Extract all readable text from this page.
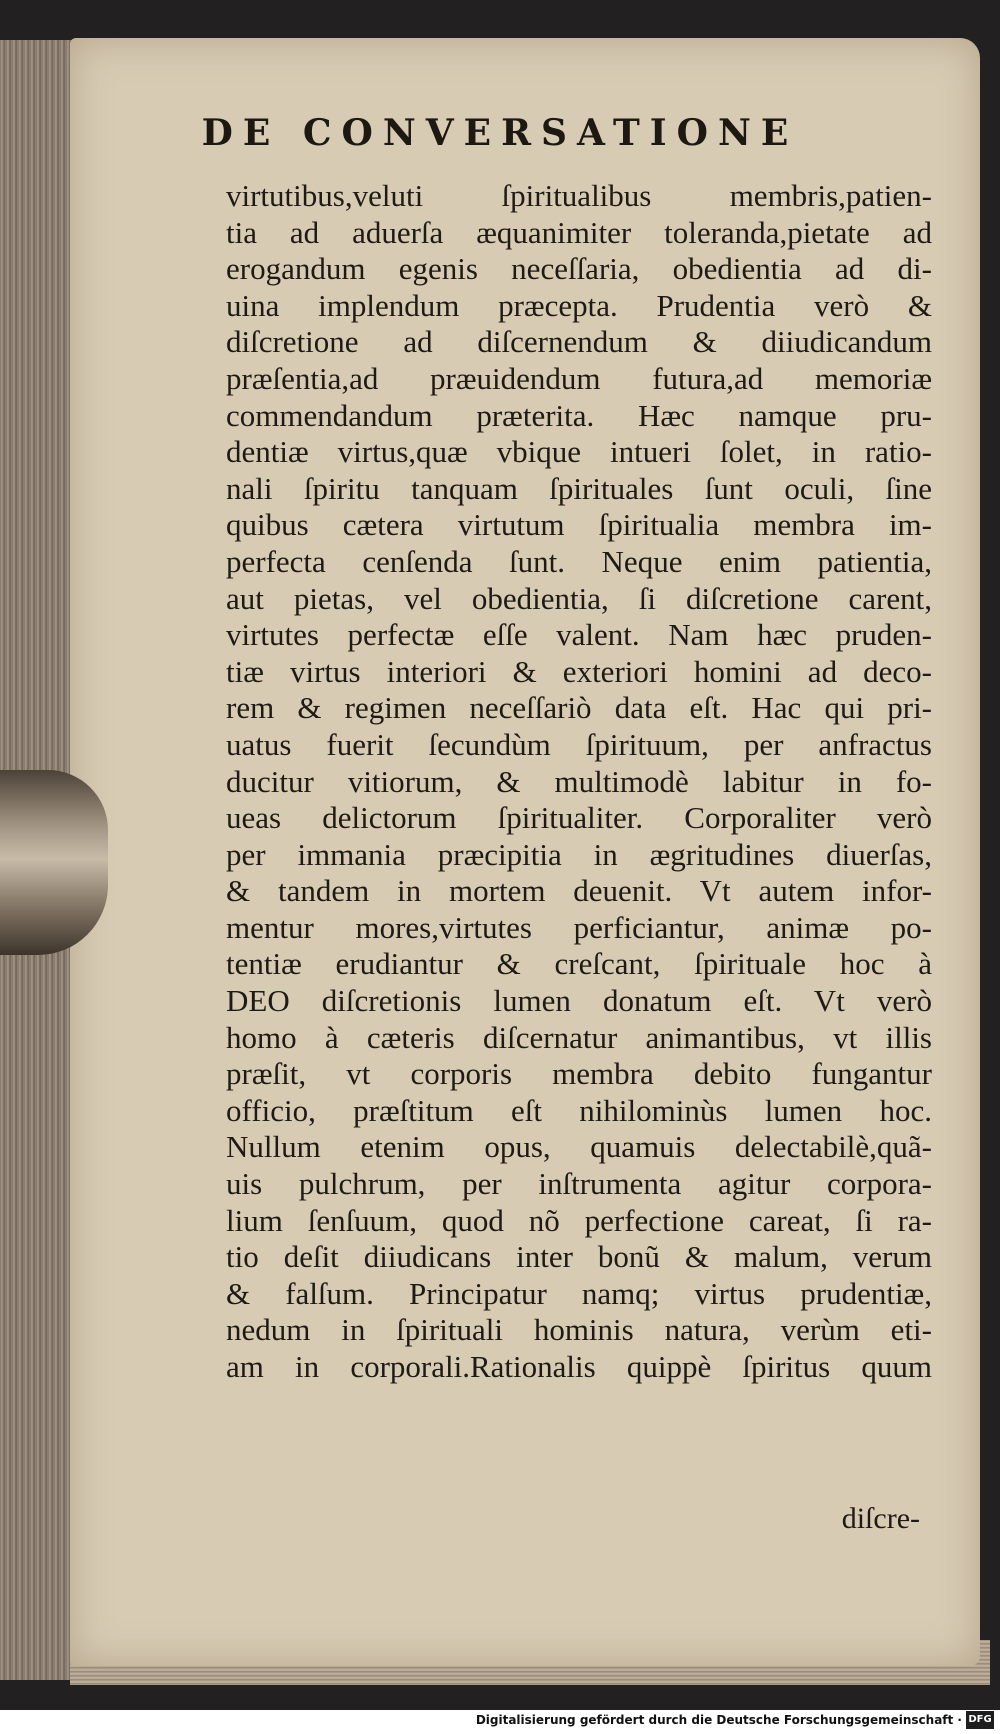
DE CONVERSATIONE
virtutibus,veluti ſpiritualibus membris,patien-
tia ad aduerſa æquanimiter toleranda,pietate ad
erogandum egenis neceſſaria, obedientia ad di-
uina implendum præcepta. Prudentia verò &
diſcretione ad diſcernendum & diiudicandum
præſentia,ad præuidendum futura,ad memoriæ
commendandum præterita. Hæc namque pru-
dentiæ virtus,quæ vbique intueri ſolet, in ratio-
nali ſpiritu tanquam ſpirituales ſunt oculi, ſine
quibus cætera virtutum ſpiritualia membra im-
perfecta cenſenda ſunt. Neque enim patientia,
aut pietas, vel obedientia, ſi diſcretione carent,
virtutes perfectæ eſſe valent. Nam hæc pruden-
tiæ virtus interiori & exteriori homini ad deco-
rem & regimen neceſſariò data eſt. Hac qui pri-
uatus fuerit ſecundùm ſpirituum, per anfractus
ducitur vitiorum, & multimodè labitur in fo-
ueas delictorum ſpiritualiter. Corporaliter verò
per immania præcipitia in ægritudines diuerſas,
& tandem in mortem deuenit. Vt autem infor-
mentur mores,virtutes perficiantur, animæ po-
tentiæ erudiantur & creſcant, ſpirituale hoc à
DEO diſcretionis lumen donatum eſt. Vt verò
homo à cæteris diſcernatur animantibus, vt illis
præſit, vt corporis membra debito fungantur
officio, præſtitum eſt nihilominùs lumen hoc.
Nullum etenim opus, quamuis delectabilè,quã-
uis pulchrum, per inſtrumenta agitur corpora-
lium ſenſuum, quod nõ perfectione careat, ſi ra-
tio deſit diiudicans inter bonũ & malum, verum
& falſum. Principatur namq; virtus prudentiæ,
nedum in ſpirituali hominis natura, verùm eti-
am in corporali.Rationalis quippè ſpiritus quum
diſcre-
Digitalisierung gefördert durch die Deutsche Forschungsgemeinschaft · DFG
